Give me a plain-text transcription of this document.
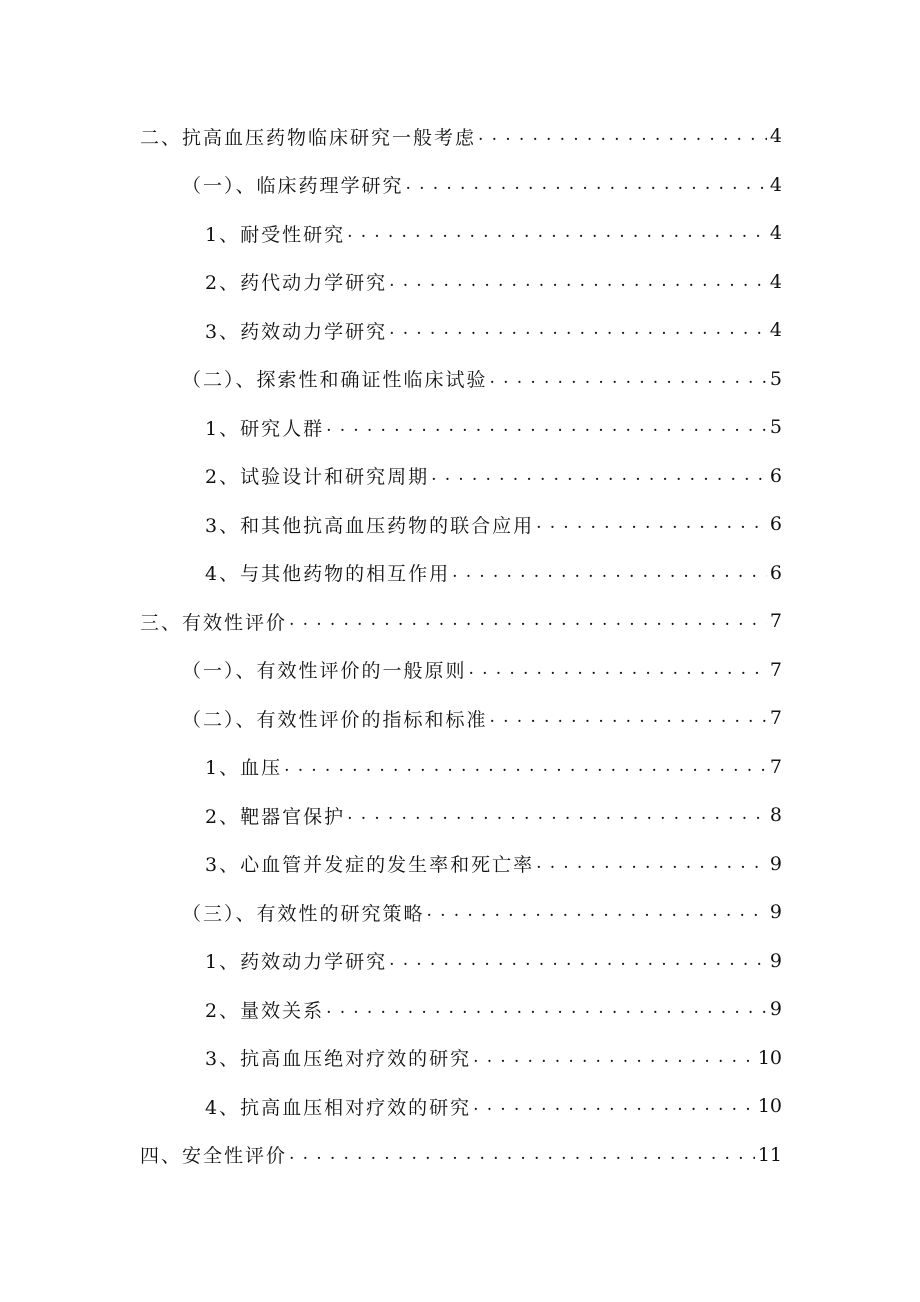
二、抗高血压药物临床研究一般考虑 . . .	4
（一）、临床药理学研究 . . .	4
1、耐受性研究 . . .	4
2、药代动力学研究 . . .	4
3、药效动力学研究 . . .	4
（二）、探索性和确证性临床试验 . . .	5
1、研究人群 . . .	5
2、试验设计和研究周期 . . .	6
3、和其他抗高血压药物的联合应用 . . .	6
4、与其他药物的相互作用 . . .	6
三、有效性评价 . . .	7
（一）、有效性评价的一般原则 . . .	7
（二）、有效性评价的指标和标准 . . .	7
1、血压 . . .	7
2、靶器官保护 . . .	8
3、心血管并发症的发生率和死亡率 . . .	9
（三）、有效性的研究策略 . . .	9
1、药效动力学研究 . . .	9
2、量效关系 . . .	9
3、抗高血压绝对疗效的研究 . . .	10
4、抗高血压相对疗效的研究 . . .	10
四、安全性评价 . . .	11
